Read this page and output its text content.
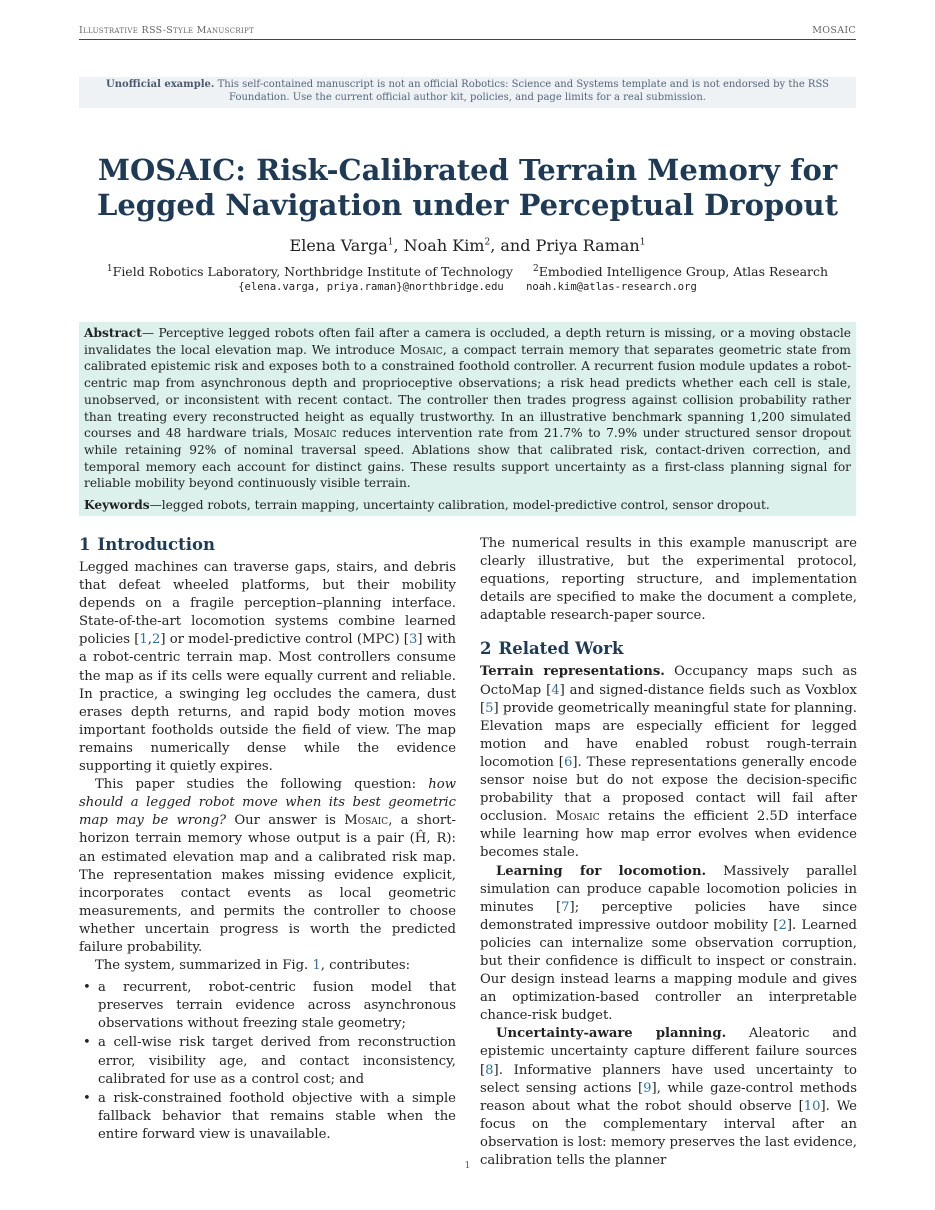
Illustrative RSS-Style Manuscript	MOSAIC
Unofficial example. This self-contained manuscript is not an official Robotics: Science and Systems template and is not endorsed by the RSS Foundation. Use the current official author kit, policies, and page limits for a real submission.
MOSAIC: Risk-Calibrated Terrain Memory for
Legged Navigation under Perceptual Dropout
Elena Varga$^1$, Noah Kim$^2$, and Priya Raman$^1$
$^1$Field Robotics Laboratory, Northbridge Institute of Technology $^2$Embodied Intelligence Group, Atlas Research
{elena.varga, priya.raman}@northbridge.edu noah.kim@atlas-research.org

Abstract— Perceptive legged robots often fail after a camera is occluded, a depth return is missing, or a moving obstacle invalidates the local elevation map. We introduce Mosaic, a compact terrain memory that separates geometric state from calibrated epistemic risk and exposes both to a constrained foothold controller. A recurrent fusion module updates a robot-centric map from asynchronous depth and proprioceptive observations; a risk head predicts whether each cell is stale, unobserved, or inconsistent with recent contact. The controller then trades progress against collision probability rather than treating every reconstructed height as equally trustworthy. In an illustrative benchmark spanning 1,200 simulated courses and 48 hardware trials, Mosaic reduces intervention rate from 21.7% to 7.9% under structured sensor dropout while retaining 92% of nominal traversal speed. Ablations show that calibrated risk, contact-driven correction, and temporal memory each account for distinct gains. These results support uncertainty as a first-class planning signal for reliable mobility beyond continuously visible terrain.

Keywords—legged robots, terrain mapping, uncertainty calibration, model-predictive control, sensor dropout.

1 Introduction

Legged machines can traverse gaps, stairs, and debris that defeat wheeled platforms, but their mobility depends on a fragile perception–planning interface. State-of-the-art locomotion systems combine learned policies [1,2] or model-predictive control (MPC) [3] with a robot-centric terrain map. Most controllers consume the map as if its cells were equally current and reliable. In practice, a swinging leg occludes the camera, dust erases depth returns, and rapid body motion moves important footholds outside the field of view. The map remains numerically dense while the evidence supporting it quietly expires.

This paper studies the following question: how should a legged robot move when its best geometric map may be wrong? Our answer is Mosaic, a short-horizon terrain memory whose output is a pair (Ĥ, R): an estimated elevation map and a calibrated risk map. The representation makes missing evidence explicit, incorporates contact events as local geometric measurements, and permits the controller to choose whether uncertain progress is worth the predicted failure probability.

The system, summarized in Fig. 1, contributes:

• a recurrent, robot-centric fusion model that preserves terrain evidence across asynchronous observations without freezing stale geometry;
• a cell-wise risk target derived from reconstruction error, visibility age, and contact inconsistency, calibrated for use as a control cost; and
• a risk-constrained foothold objective with a simple fallback behavior that remains stable when the entire forward view is unavailable.

The numerical results in this example manuscript are clearly illustrative, but the experimental protocol, equations, reporting structure, and implementation details are specified to make the document a complete, adaptable research-paper source.

2 Related Work

Terrain representations. Occupancy maps such as OctoMap [4] and signed-distance fields such as Voxblox [5] provide geometrically meaningful state for planning. Elevation maps are especially efficient for legged motion and have enabled robust rough-terrain locomotion [6]. These representations generally encode sensor noise but do not expose the decision-specific probability that a proposed contact will fail after occlusion. Mosaic retains the efficient 2.5D interface while learning how map error evolves when evidence becomes stale.

Learning for locomotion. Massively parallel simulation can produce capable locomotion policies in minutes [7]; perceptive policies have since demonstrated impressive outdoor mobility [2]. Learned policies can internalize some observation corruption, but their confidence is difficult to inspect or constrain. Our design instead learns a mapping module and gives an optimization-based controller an interpretable chance-risk budget.

Uncertainty-aware planning. Aleatoric and epistemic uncertainty capture different failure sources [8]. Informative planners have used uncertainty to select sensing actions [9], while gaze-control methods reason about what the robot should observe [10]. We focus on the complementary interval after an observation is lost: memory preserves the last evidence, calibration tells the planner

1
